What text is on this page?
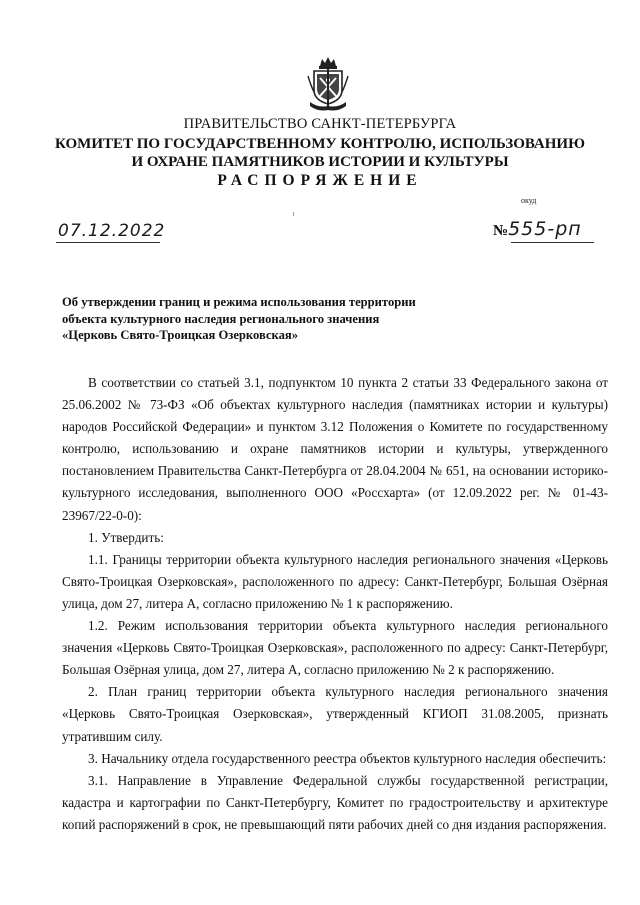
ПРАВИТЕЛЬСТВО САНКТ-ПЕТЕРБУРГА
КОМИТЕТ ПО ГОСУДАРСТВЕННОМУ КОНТРОЛЮ, ИСПОЛЬЗОВАНИЮ
И ОХРАНЕ ПАМЯТНИКОВ ИСТОРИИ И КУЛЬТУРЫ
РАСПОРЯЖЕНИЕ
окуд
07.12.2022	№555-рп
Об утверждении границ и режима использования территории
объекта культурного наследия регионального значения
«Церковь Свято-Троицкая Озерковская»

В соответствии со статьей 3.1, подпунктом 10 пункта 2 статьи 33 Федерального закона от 25.06.2002 № 73-ФЗ «Об объектах культурного наследия (памятниках истории и культуры) народов Российской Федерации» и пунктом 3.12 Положения о Комитете по государственному контролю, использованию и охране памятников истории и культуры, утвержденного постановлением Правительства Санкт-Петербурга от 28.04.2004 № 651, на основании историко-культурного исследования, выполненного ООО «Россхарта» (от 12.09.2022 рег. № 01-43-23967/22-0-0):

1. Утвердить:

1.1. Границы территории объекта культурного наследия регионального значения «Церковь Свято-Троицкая Озерковская», расположенного по адресу: Санкт-Петербург, Большая Озёрная улица, дом 27, литера А, согласно приложению № 1 к распоряжению.

1.2. Режим использования территории объекта культурного наследия регионального значения «Церковь Свято-Троицкая Озерковская», расположенного по адресу: Санкт-Петербург, Большая Озёрная улица, дом 27, литера А, согласно приложению № 2 к распоряжению.

2. План границ территории объекта культурного наследия регионального значения «Церковь Свято-Троицкая Озерковская», утвержденный КГИОП 31.08.2005, признать утратившим силу.

3. Начальнику отдела государственного реестра объектов культурного наследия обеспечить:

3.1. Направление в Управление Федеральной службы государственной регистрации, кадастра и картографии по Санкт-Петербургу, Комитет по градостроительству и архитектуре копий распоряжений в срок, не превышающий пяти рабочих дней со дня издания распоряжения.
